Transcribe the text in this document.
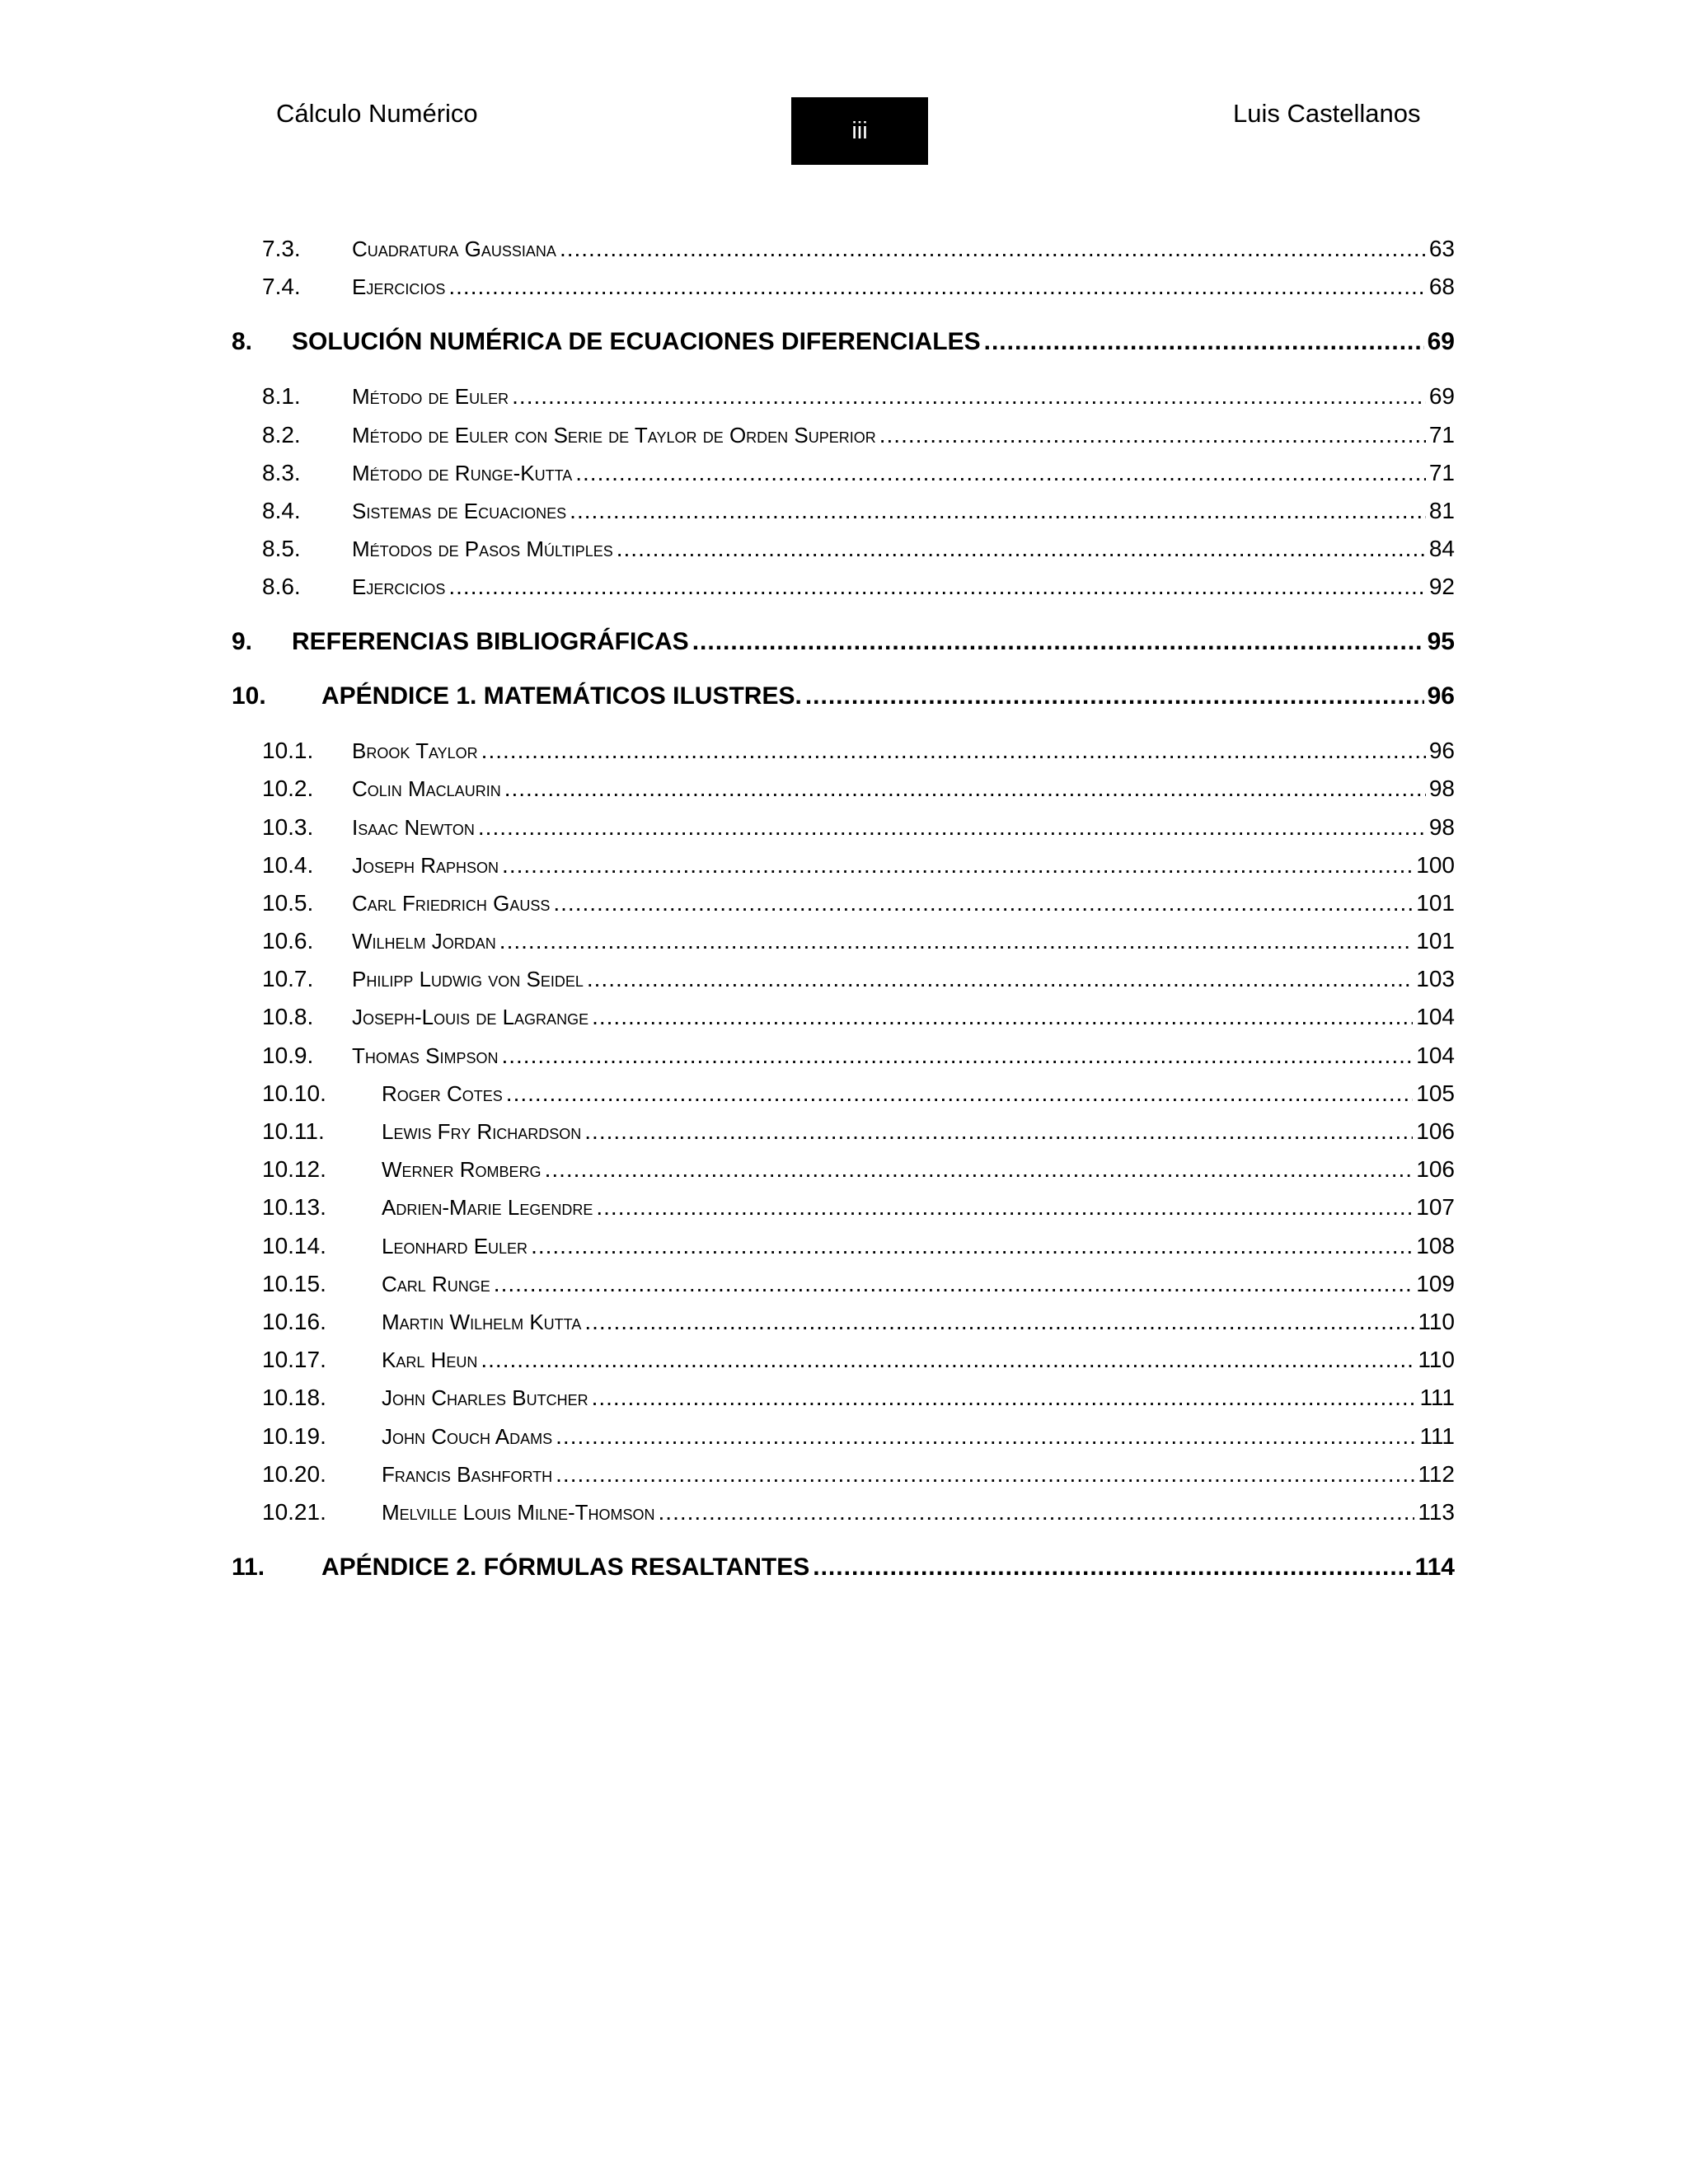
Cálculo Numérico
iii
Luis Castellanos
7.3. Cuadratura Gaussiana .....	63
7.4. Ejercicios .....	68
8. SOLUCIÓN NUMÉRICA DE ECUACIONES DIFERENCIALES .....	69
8.1. Método de Euler .....	69
8.2. Método de Euler con Serie de Taylor de Orden Superior .....	71
8.3. Método de Runge-Kutta .....	71
8.4. Sistemas de Ecuaciones .....	81
8.5. Métodos de Pasos Múltiples .....	84
8.6. Ejercicios .....	92
9. REFERENCIAS BIBLIOGRÁFICAS .....	95
10. APÉNDICE 1. MATEMÁTICOS ILUSTRES. .....	96
10.1. Brook Taylor .....	96
10.2. Colin Maclaurin .....	98
10.3. Isaac Newton .....	98
10.4. Joseph Raphson .....	100
10.5. Carl Friedrich Gauss .....	101
10.6. Wilhelm Jordan .....	101
10.7. Philipp Ludwig von Seidel .....	103
10.8. Joseph-Louis de Lagrange .....	104
10.9. Thomas Simpson .....	104
10.10.	Roger Cotes .....	105
10.11.	Lewis Fry Richardson .....	106
10.12.	Werner Romberg .....	106
10.13.	Adrien-Marie Legendre .....	107
10.14.	Leonhard Euler .....	108
10.15.	Carl Runge .....	109
10.16.	Martin Wilhelm Kutta .....	110
10.17.	Karl Heun .....	110
10.18.	John Charles Butcher .....	111
10.19.	John Couch Adams .....	111
10.20.	Francis Bashforth .....	112
10.21.	Melville Louis Milne-Thomson .....	113
11. APÉNDICE 2. FÓRMULAS RESALTANTES .....	114
